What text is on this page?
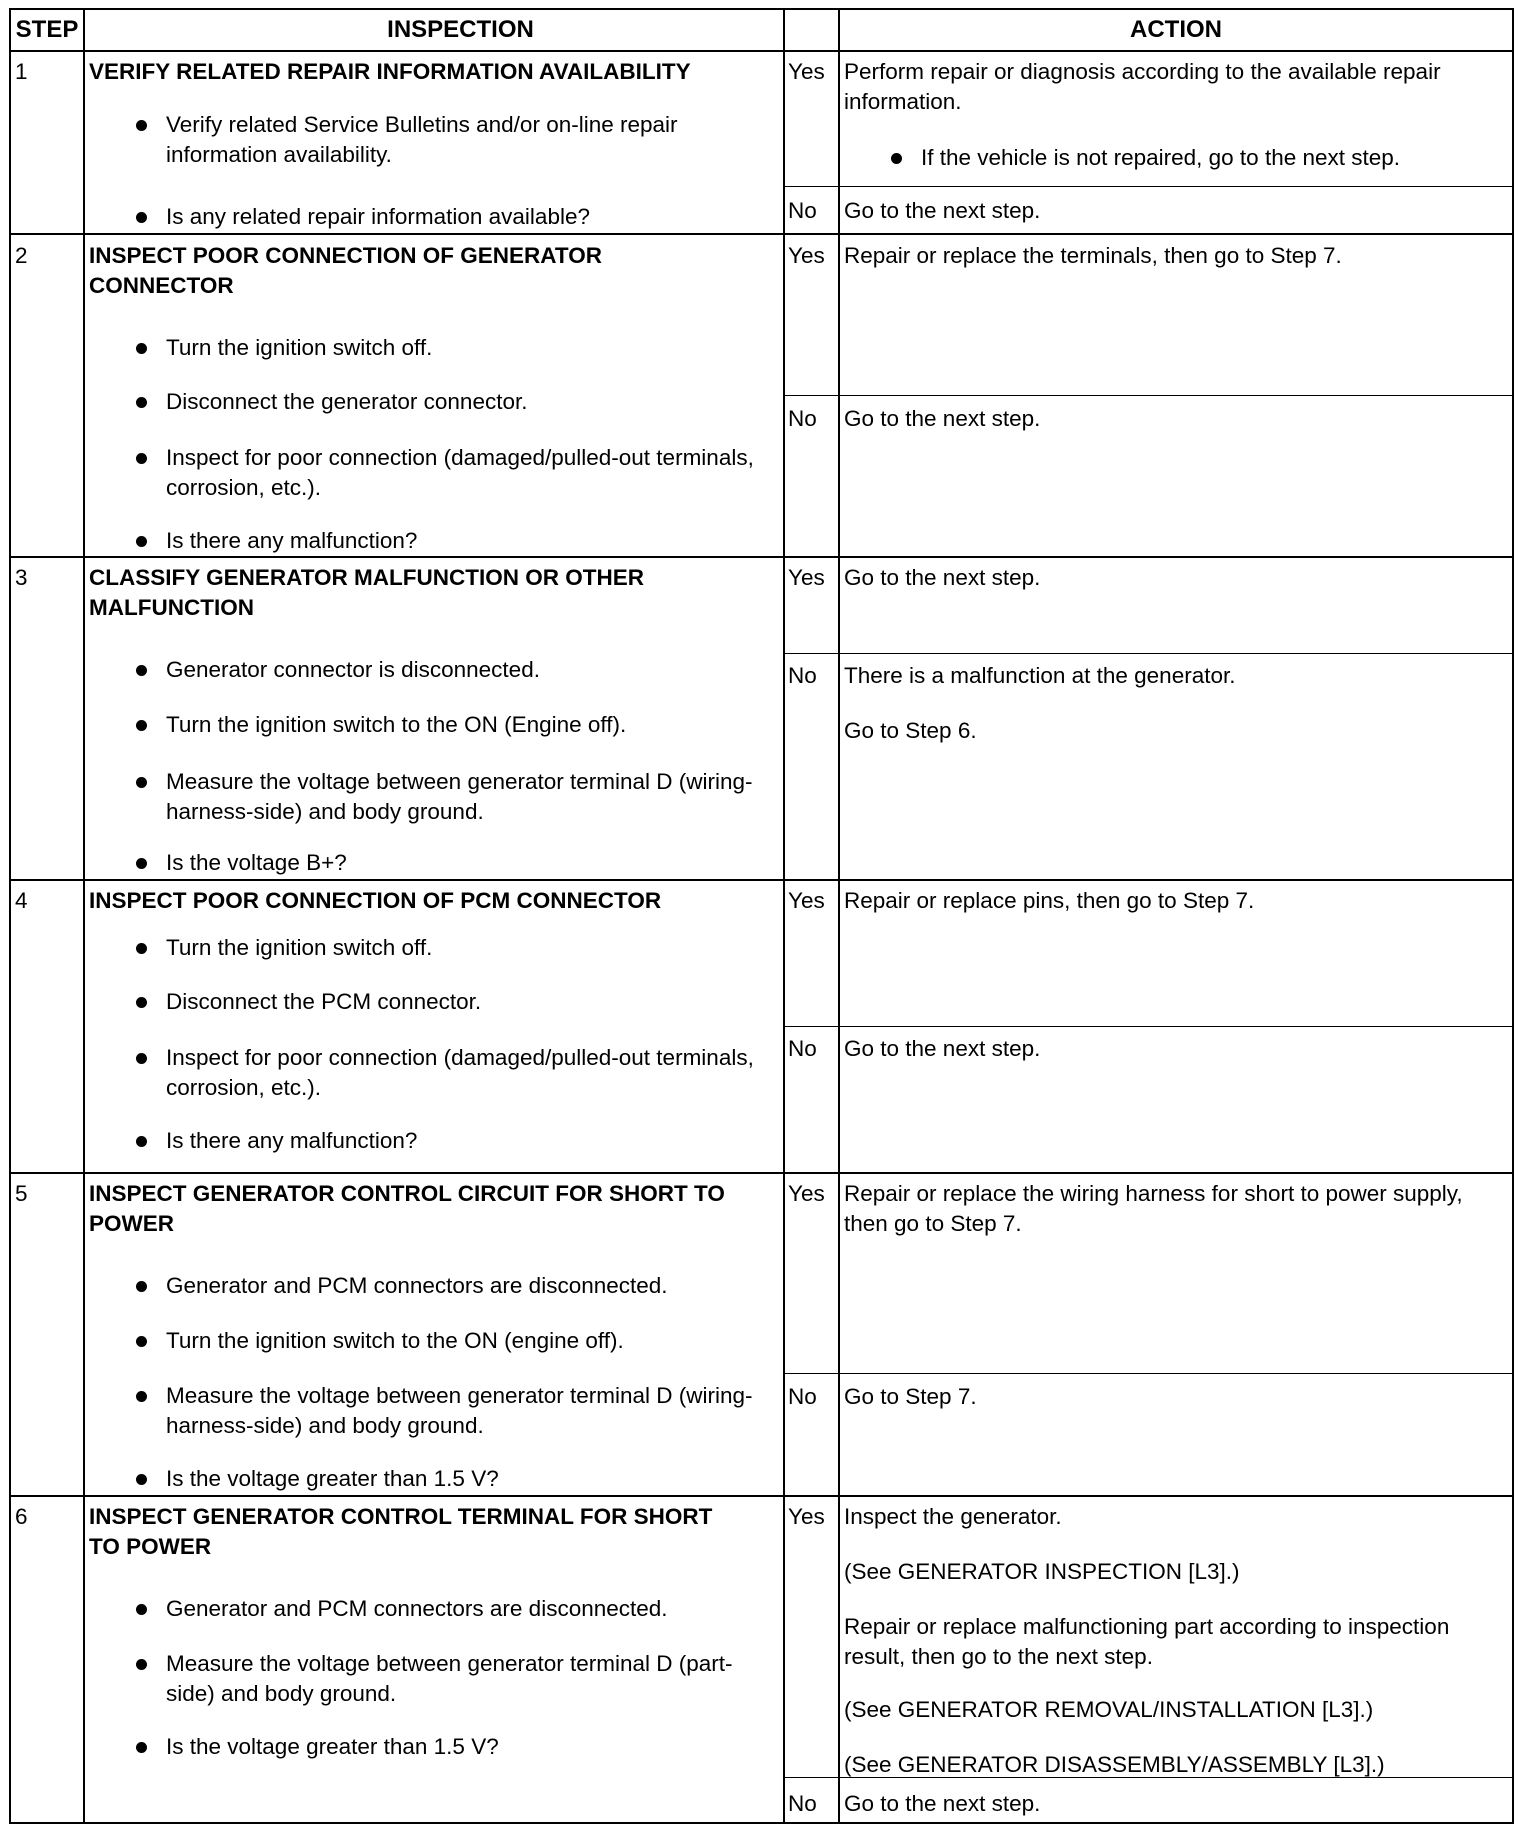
STEP	INSPECTION	ACTION
1	VERIFY RELATED REPAIR INFORMATION AVAILABILITY
Verify related Service Bulletins and/or on-line repair information availability.
Is any related repair information available?
Yes Perform repair or diagnosis according to the available repair information.
If the vehicle is not repaired, go to the next step.
No Go to the next step.
2	INSPECT POOR CONNECTION OF GENERATOR CONNECTOR
Turn the ignition switch off.
Disconnect the generator connector.
Inspect for poor connection (damaged/pulled-out terminals, corrosion, etc.).
Is there any malfunction?
Yes Repair or replace the terminals, then go to Step 7.
No Go to the next step.
3	CLASSIFY GENERATOR MALFUNCTION OR OTHER MALFUNCTION
Generator connector is disconnected.
Turn the ignition switch to the ON (Engine off).
Measure the voltage between generator terminal D (wiring-harness-side) and body ground.
Is the voltage B+?
Yes Go to the next step.
No There is a malfunction at the generator.
Go to Step 6.
4	INSPECT POOR CONNECTION OF PCM CONNECTOR
Turn the ignition switch off.
Disconnect the PCM connector.
Inspect for poor connection (damaged/pulled-out terminals, corrosion, etc.).
Is there any malfunction?
Yes Repair or replace pins, then go to Step 7.
No Go to the next step.
5	INSPECT GENERATOR CONTROL CIRCUIT FOR SHORT TO POWER
Generator and PCM connectors are disconnected.
Turn the ignition switch to the ON (engine off).
Measure the voltage between generator terminal D (wiring-harness-side) and body ground.
Is the voltage greater than 1.5 V?
Yes Repair or replace the wiring harness for short to power supply, then go to Step 7.
No Go to Step 7.
6	INSPECT GENERATOR CONTROL TERMINAL FOR SHORT TO POWER
Generator and PCM connectors are disconnected.
Measure the voltage between generator terminal D (part-side) and body ground.
Is the voltage greater than 1.5 V?
Yes Inspect the generator.
(See GENERATOR INSPECTION [L3].)
Repair or replace malfunctioning part according to inspection result, then go to the next step.
(See GENERATOR REMOVAL/INSTALLATION [L3].)
(See GENERATOR DISASSEMBLY/ASSEMBLY [L3].)
No Go to the next step.
